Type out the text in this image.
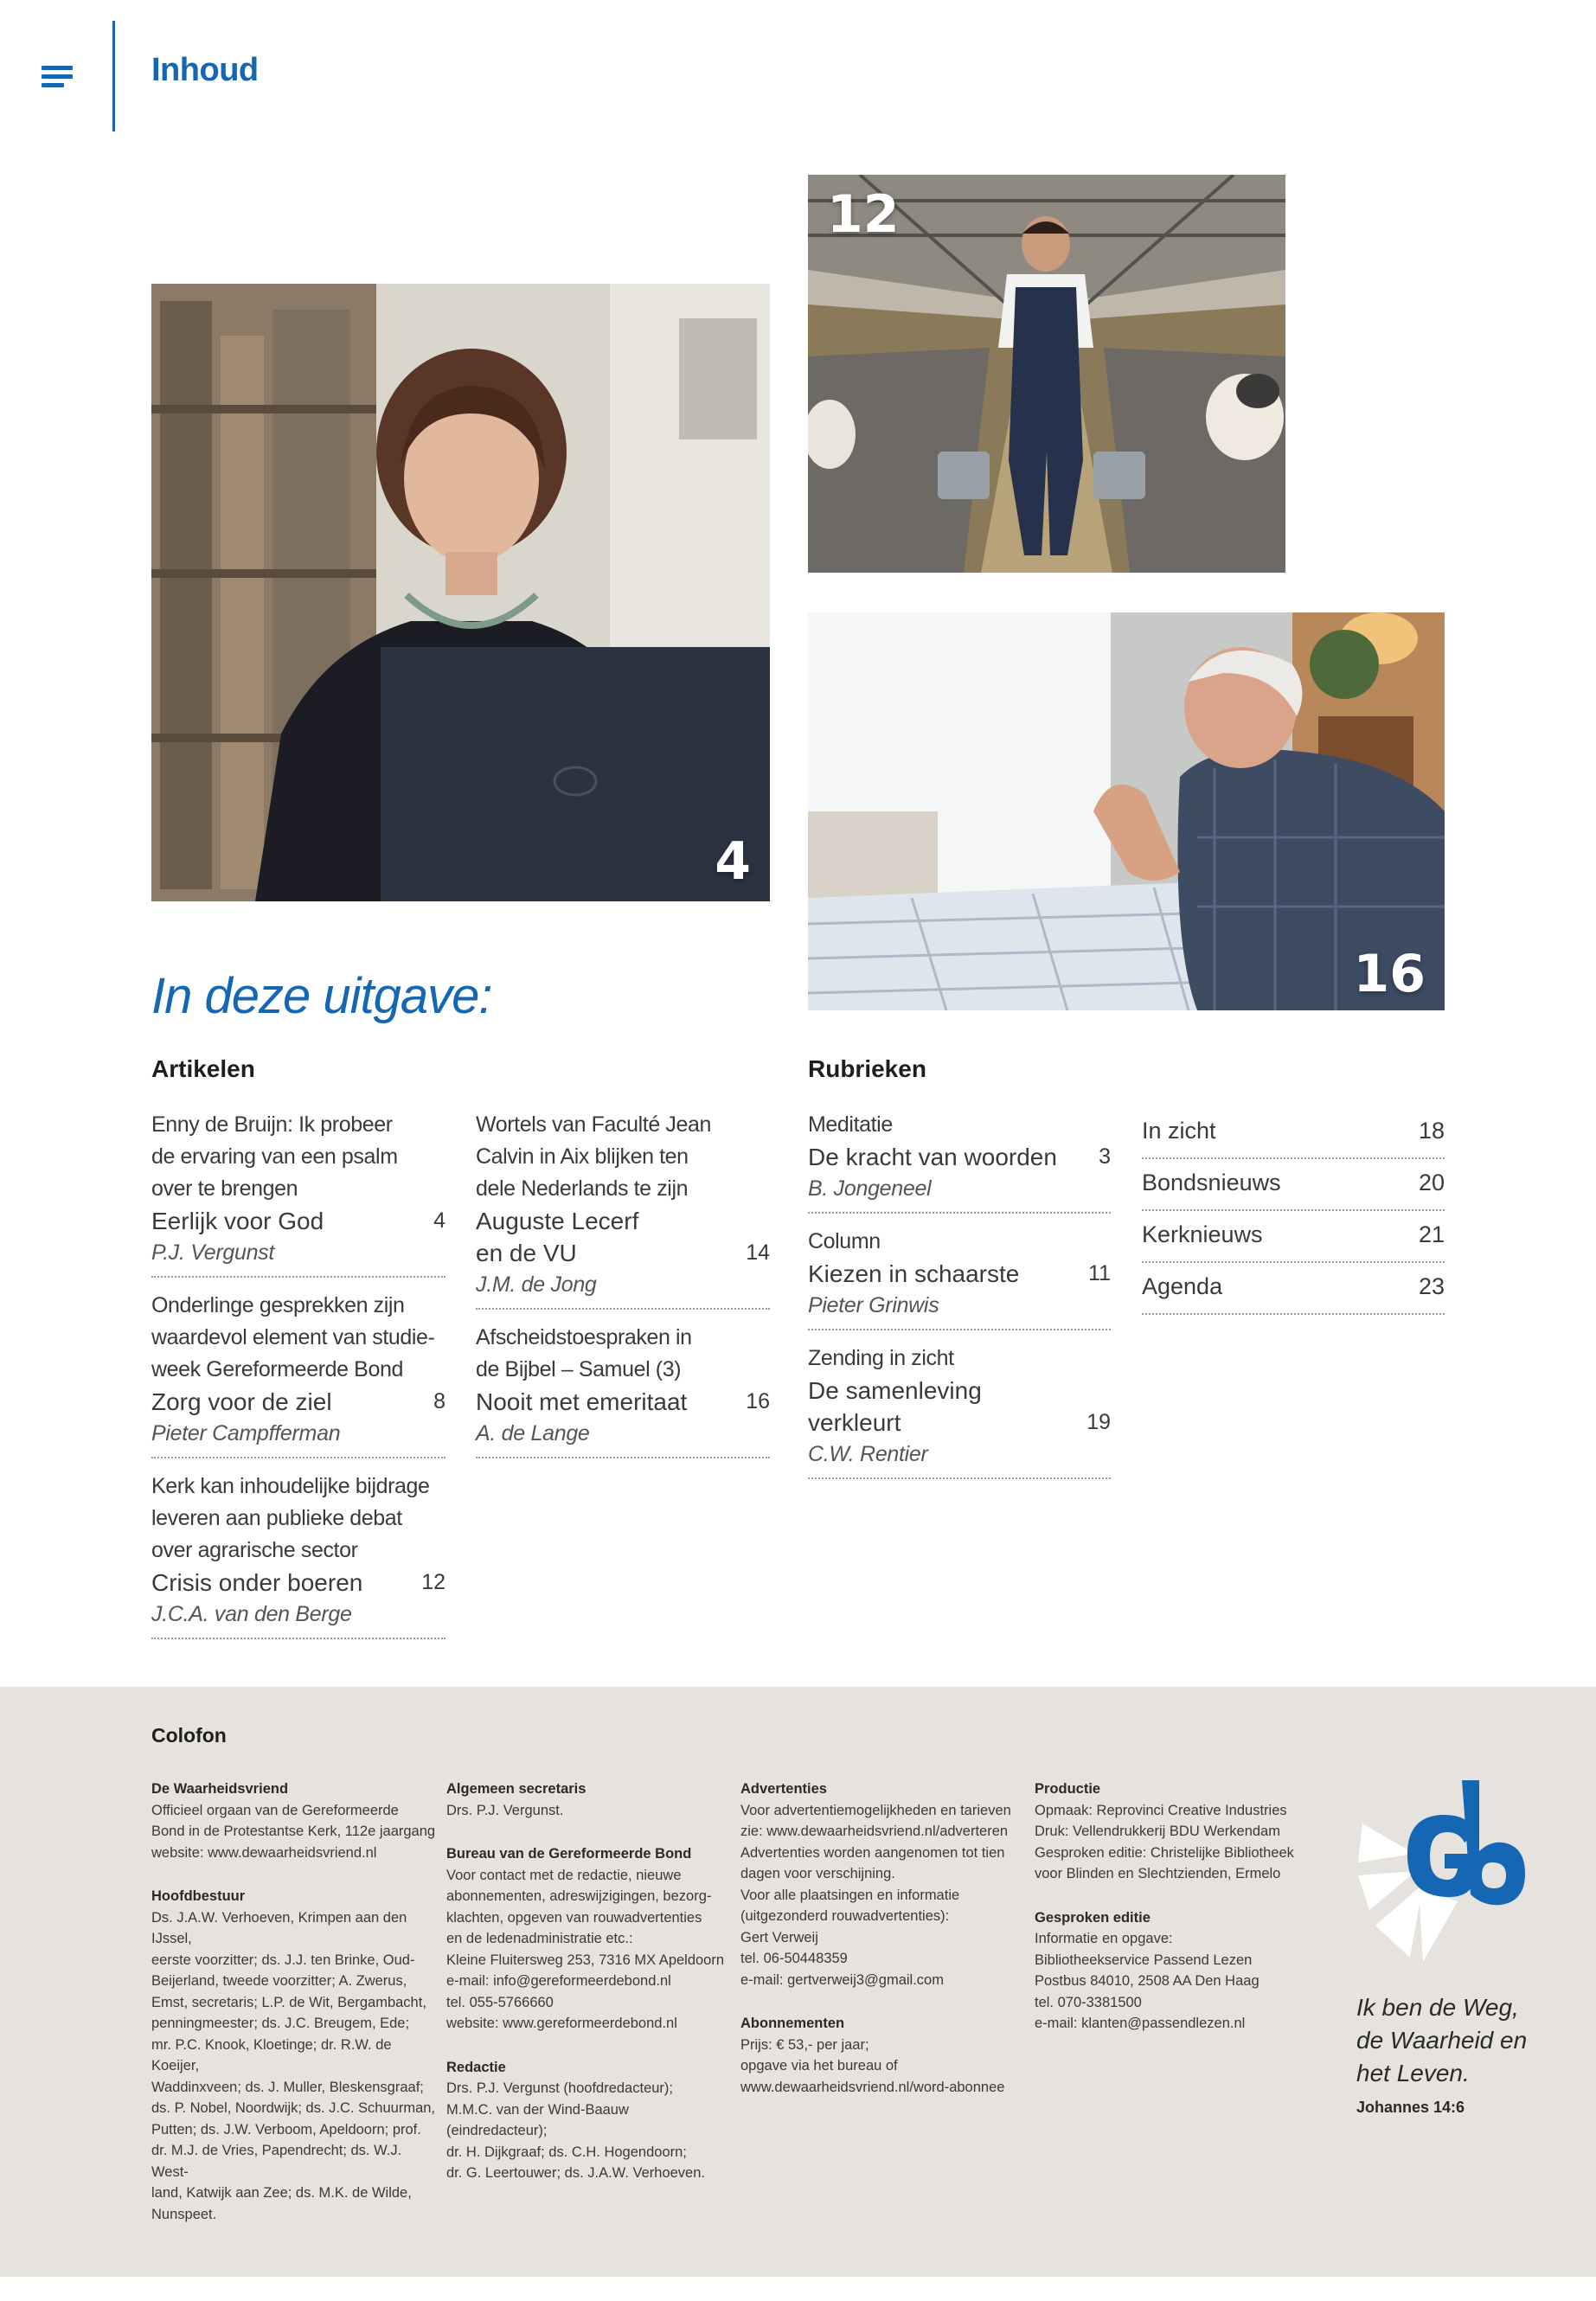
Inhoud
4
12
16
In deze uitgave:
Artikelen
Enny de Bruijn: Ik probeer
de ervaring van een psalm
over te brengen
Eerlijk voor God	4
P.J. Vergunst
Onderlinge gesprekken zijn
waardevol element van studie-
week Gereformeerde Bond
Zorg voor de ziel	8
Pieter Campfferman
Kerk kan inhoudelijke bijdrage
leveren aan publieke debat
over agrarische sector
Crisis onder boeren	12
J.C.A. van den Berge
Wortels van Faculté Jean
Calvin in Aix blijken ten
dele Nederlands te zijn
Auguste Lecerf
en de VU	14
J.M. de Jong
Afscheidstoespraken in
de Bijbel – Samuel (3)
Nooit met emeritaat	16
A. de Lange
Rubrieken
Meditatie
De kracht van woorden 3
B. Jongeneel
Column
Kiezen in schaarste	11
Pieter Grinwis
Zending in zicht
De samenleving
verkleurt	19
C.W. Rentier
In zicht	18
Bondsnieuws	20
Kerknieuws	21
Agenda	23
Colofon

De Waarheidsvriend
Officieel orgaan van de Gereformeerde
Bond in de Protestantse Kerk, 112e jaargang
website: www.dewaarheidsvriend.nl

Hoofdbestuur
Ds. J.A.W. Verhoeven, Krimpen aan den IJssel,
eerste voorzitter; ds. J.J. ten Brinke, Oud-
Beijerland, tweede voorzitter; A. Zwerus,
Emst, secretaris; L.P. de Wit, Bergambacht,
penningmeester; ds. J.C. Breugem, Ede;
mr. P.C. Knook, Kloetinge; dr. R.W. de Koeijer,
Waddinxveen; ds. J. Muller, Bleskensgraaf;
ds. P. Nobel, Noordwijk; ds. J.C. Schuurman,
Putten; ds. J.W. Verboom, Apeldoorn; prof.
dr. M.J. de Vries, Papendrecht; ds. W.J. West-
land, Katwijk aan Zee; ds. M.K. de Wilde,
Nunspeet.

Algemeen secretaris
Drs. P.J. Vergunst.

Bureau van de Gereformeerde Bond
Voor contact met de redactie, nieuwe
abonnementen, adreswijzigingen, bezorg-
klachten, opgeven van rouwadvertenties
en de ledenadministratie etc.:
Kleine Fluitersweg 253, 7316 MX Apeldoorn
e-mail: info@gereformeerdebond.nl
tel. 055-5766660
website: www.gereformeerdebond.nl

Redactie
Drs. P.J. Vergunst (hoofdredacteur);
M.M.C. van der Wind-Baauw (eindredacteur);
dr. H. Dijkgraaf; ds. C.H. Hogendoorn;
dr. G. Leertouwer; ds. J.A.W. Verhoeven.

Advertenties
Voor advertentiemogelijkheden en tarieven
zie: www.dewaarheidsvriend.nl/adverteren
Advertenties worden aangenomen tot tien
dagen voor verschijning.
Voor alle plaatsingen en informatie
(uitgezonderd rouwadvertenties):
Gert Verweij
tel. 06-50448359
e-mail: gertverweij3@gmail.com

Abonnementen
Prijs: € 53,- per jaar;
opgave via het bureau of
www.dewaarheidsvriend.nl/word-abonnee

Productie
Opmaak: Reprovinci Creative Industries
Druk: Vellendrukkerij BDU Werkendam
Gesproken editie: Christelijke Bibliotheek
voor Blinden en Slechtzienden, Ermelo

Gesproken editie
Informatie en opgave:
Bibliotheekservice Passend Lezen
Postbus 84010, 2508 AA Den Haag
tel. 070-3381500
e-mail: klanten@passendlezen.nl

Ik ben de Weg,
de Waarheid en
het Leven.
Johannes 14:6
